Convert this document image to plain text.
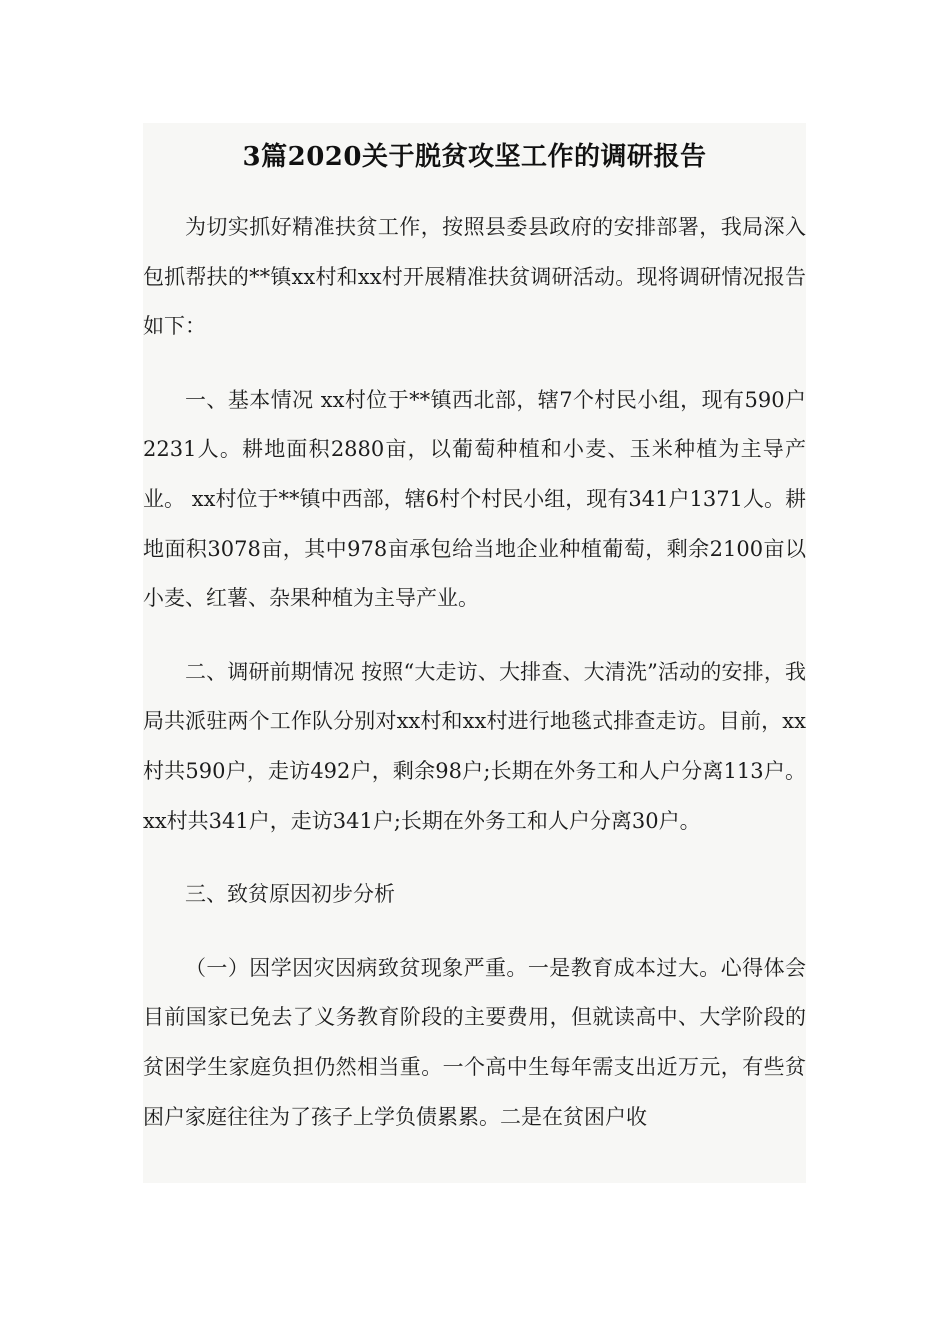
3篇2020关于脱贫攻坚工作的调研报告

为切实抓好精准扶贫工作，按照县委县政府的安排部署，我局深入包抓帮扶的**镇xx村和xx村开展精准扶贫调研活动。现将调研情况报告如下：

一、基本情况 xx村位于**镇西北部，辖7个村民小组，现有590户2231人。耕地面积2880亩，以葡萄种植和小麦、玉米种植为主导产业。 xx村位于**镇中西部，辖6村个村民小组，现有341户1371人。耕地面积3078亩，其中978亩承包给当地企业种植葡萄，剩余2100亩以小麦、红薯、杂果种植为主导产业。

二、调研前期情况 按照“大走访、大排查、大清洗”活动的安排，我局共派驻两个工作队分别对xx村和xx村进行地毯式排查走访。目前，xx村共590户，走访492户，剩余98户;长期在外务工和人户分离113户。xx村共341户，走访341户;长期在外务工和人户分离30户。

三、致贫原因初步分析

（一）因学因灾因病致贫现象严重。一是教育成本过大。心得体会目前国家已免去了义务教育阶段的主要费用，但就读高中、大学阶段的贫困学生家庭负担仍然相当重。一个高中生每年需支出近万元，有些贫困户家庭往往为了孩子上学负债累累。二是在贫困户收
